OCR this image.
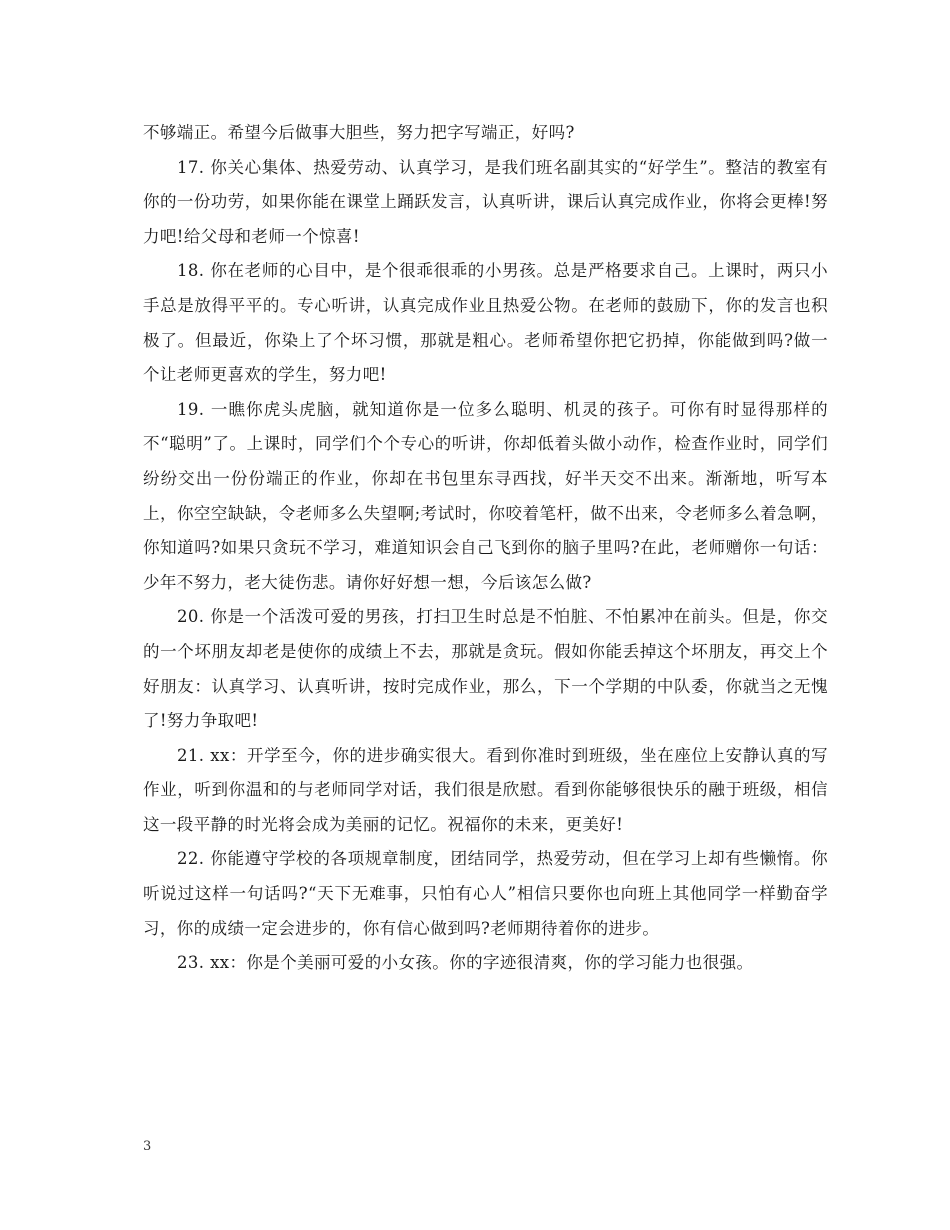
不够端正。希望今后做事大胆些，努力把字写端正，好吗?

17. 你关心集体、热爱劳动、认真学习，是我们班名副其实的“好学生”。整洁的教室有你的一份功劳，如果你能在课堂上踊跃发言，认真听讲，课后认真完成作业，你将会更棒!努力吧!给父母和老师一个惊喜!

18. 你在老师的心目中，是个很乖很乖的小男孩。总是严格要求自己。上课时，两只小手总是放得平平的。专心听讲，认真完成作业且热爱公物。在老师的鼓励下，你的发言也积极了。但最近，你染上了个坏习惯，那就是粗心。老师希望你把它扔掉，你能做到吗?做一个让老师更喜欢的学生，努力吧!

19. 一瞧你虎头虎脑，就知道你是一位多么聪明、机灵的孩子。可你有时显得那样的不“聪明”了。上课时，同学们个个专心的听讲，你却低着头做小动作，检查作业时，同学们纷纷交出一份份端正的作业，你却在书包里东寻西找，好半天交不出来。渐渐地，听写本上，你空空缺缺，令老师多么失望啊;考试时，你咬着笔杆，做不出来，令老师多么着急啊，你知道吗?如果只贪玩不学习，难道知识会自己飞到你的脑子里吗?在此，老师赠你一句话：少年不努力，老大徒伤悲。请你好好想一想，今后该怎么做?

20. 你是一个活泼可爱的男孩，打扫卫生时总是不怕脏、不怕累冲在前头。但是，你交的一个坏朋友却老是使你的成绩上不去，那就是贪玩。假如你能丢掉这个坏朋友，再交上个好朋友：认真学习、认真听讲，按时完成作业，那么，下一个学期的中队委，你就当之无愧了!努力争取吧!

21. xx：开学至今，你的进步确实很大。看到你准时到班级，坐在座位上安静认真的写作业，听到你温和的与老师同学对话，我们很是欣慰。看到你能够很快乐的融于班级，相信这一段平静的时光将会成为美丽的记忆。祝福你的未来，更美好!

22. 你能遵守学校的各项规章制度，团结同学，热爱劳动，但在学习上却有些懒惰。你听说过这样一句话吗?“天下无难事，只怕有心人”相信只要你也向班上其他同学一样勤奋学习，你的成绩一定会进步的，你有信心做到吗?老师期待着你的进步。

23. xx：你是个美丽可爱的小女孩。你的字迹很清爽，你的学习能力也很强。

3
